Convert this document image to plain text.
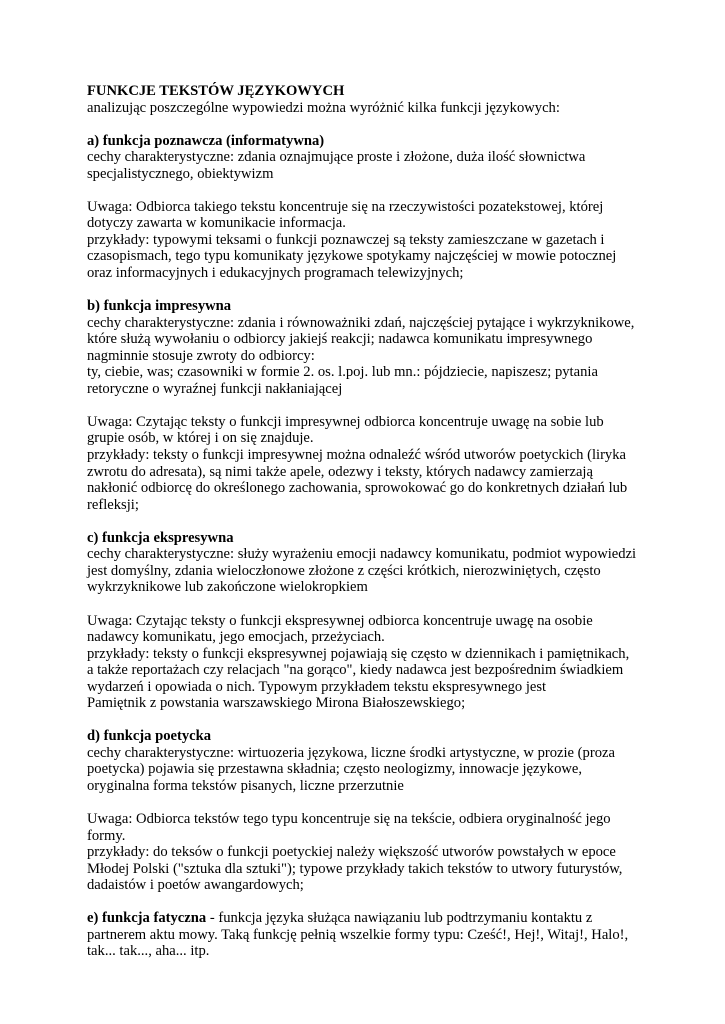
FUNKCJE TEKSTÓW JĘZYKOWYCH
analizując poszczególne wypowiedzi można wyróżnić kilka funkcji językowych:
a) funkcja poznawcza (informatywna)
cechy charakterystyczne: zdania oznajmujące proste i złożone, duża ilość słownictwa
specjalistycznego, obiektywizm
Uwaga: Odbiorca takiego tekstu koncentruje się na rzeczywistości pozatekstowej, której
dotyczy zawarta w komunikacie informacja.
przykłady: typowymi teksami o funkcji poznawczej są teksty zamieszczane w gazetach i
czasopismach, tego typu komunikaty językowe spotykamy najczęściej w mowie potocznej
oraz informacyjnych i edukacyjnych programach telewizyjnych;
b) funkcja impresywna
cechy charakterystyczne: zdania i równoważniki zdań, najczęściej pytające i wykrzyknikowe,
które służą wywołaniu o odbiorcy jakiejś reakcji; nadawca komunikatu impresywnego
nagminnie stosuje zwroty do odbiorcy:
ty, ciebie, was; czasowniki w formie 2. os. l.poj. lub mn.: pójdziecie, napiszesz; pytania
retoryczne o wyraźnej funkcji nakłaniającej
Uwaga: Czytając teksty o funkcji impresywnej odbiorca koncentruje uwagę na sobie lub
grupie osób, w której i on się znajduje.
przykłady: teksty o funkcji impresywnej można odnaleźć wśród utworów poetyckich (liryka
zwrotu do adresata), są nimi także apele, odezwy i teksty, których nadawcy zamierzają
nakłonić odbiorcę do określonego zachowania, sprowokować go do konkretnych działań lub
refleksji;
c) funkcja ekspresywna
cechy charakterystyczne: służy wyrażeniu emocji nadawcy komunikatu, podmiot wypowiedzi
jest domyślny, zdania wieloczłonowe złożone z części krótkich, nierozwiniętych, często
wykrzyknikowe lub zakończone wielokropkiem
Uwaga: Czytając teksty o funkcji ekspresywnej odbiorca koncentruje uwagę na osobie
nadawcy komunikatu, jego emocjach, przeżyciach.
przykłady: teksty o funkcji ekspresywnej pojawiają się często w dziennikach i pamiętnikach,
a także reportażach czy relacjach "na gorąco", kiedy nadawca jest bezpośrednim świadkiem
wydarzeń i opowiada o nich. Typowym przykładem tekstu ekspresywnego jest
Pamiętnik z powstania warszawskiego Mirona Białoszewskiego;
d) funkcja poetycka
cechy charakterystyczne: wirtuozeria językowa, liczne środki artystyczne, w prozie (proza
poetycka) pojawia się przestawna składnia; często neologizmy, innowacje językowe,
oryginalna forma tekstów pisanych, liczne przerzutnie
Uwaga: Odbiorca tekstów tego typu koncentruje się na tekście, odbiera oryginalność jego
formy.
przykłady: do teksów o funkcji poetyckiej należy większość utworów powstałych w epoce
Młodej Polski ("sztuka dla sztuki"); typowe przykłady takich tekstów to utwory futurystów,
dadaistów i poetów awangardowych;
e) funkcja fatyczna - funkcja języka służąca nawiązaniu lub podtrzymaniu kontaktu z
partnerem aktu mowy. Taką funkcję pełnią wszelkie formy typu: Cześć!, Hej!, Witaj!, Halo!,
tak... tak..., aha... itp.
